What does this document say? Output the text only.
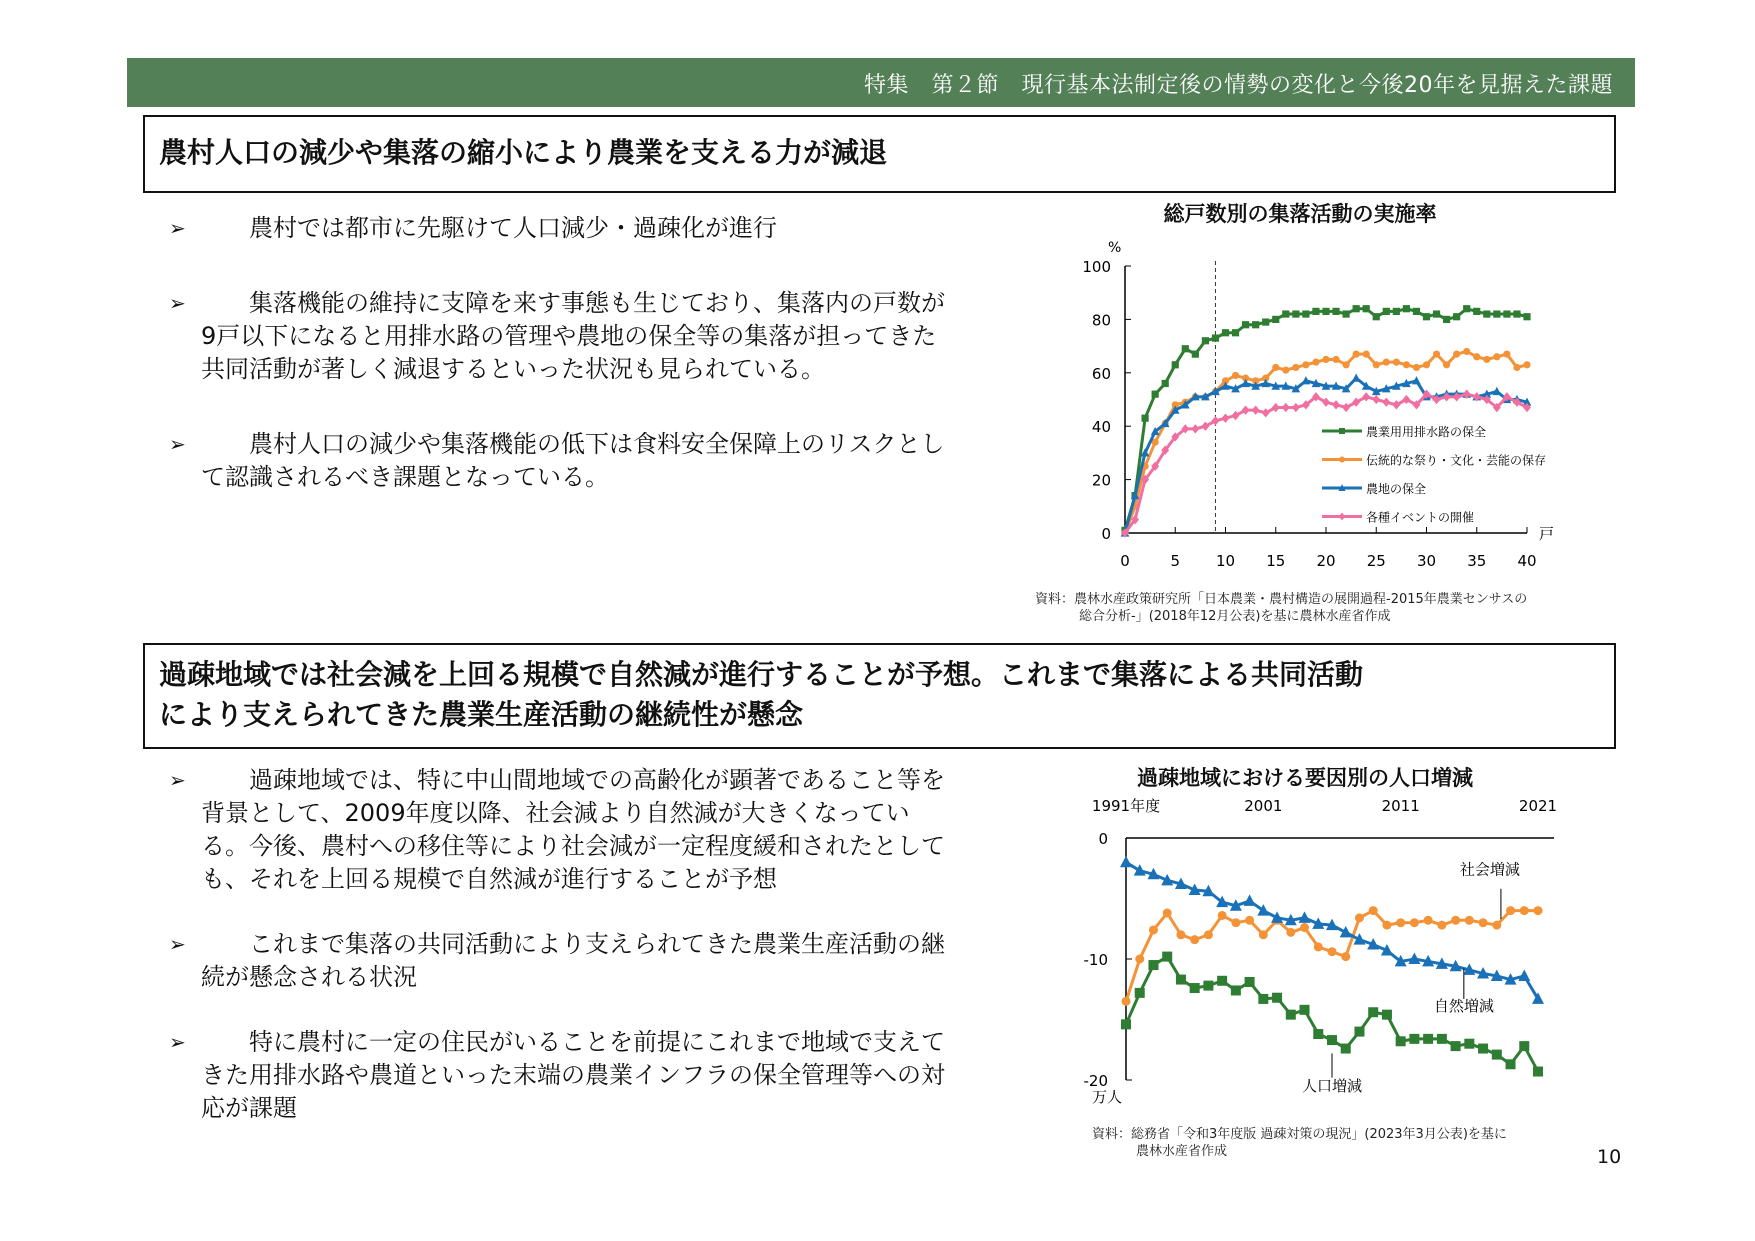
特集　第２節　現行基本法制定後の情勢の変化と今後20年を見据えた課題
農村人口の減少や集落の縮小により農業を支える力が減退
➢	農村では都市に先駆けて人口減少・過疎化が進行
➢	集落機能の維持に支障を来す事態も生じており、集落内の戸数が9戸以下になると用排水路の管理や農地の保全等の集落が担ってきた共同活動が著しく減退するといった状況も見られている。
➢	農村人口の減少や集落機能の低下は食料安全保障上のリスクとして認識されるべき課題となっている。
総戸数別の集落活動の実施率
0
20
40
60
80
100
0	5 10 15 20 25 30 35 40
%
戸
農業用用排水路の保全
伝統的な祭り・文化・芸能の保存
農地の保全
各種イベントの開催
資料：農林水産政策研究所「日本農業・農村構造の展開過程-2015年農業センサスの
総合分析-」(2018年12月公表)を基に農林水産省作成
過疎地域では社会減を上回る規模で自然減が進行することが予想。これまで集落による共同活動
により支えられてきた農業生産活動の継続性が懸念
➢	過疎地域では、特に中山間地域での高齢化が顕著であること等を背景として、2009年度以降、社会減より自然減が大きくなっている。今後、農村への移住等により社会減が一定程度緩和されたとしても、それを上回る規模で自然減が進行することが予想
➢	これまで集落の共同活動により支えられてきた農業生産活動の継続が懸念される状況
➢	特に農村に一定の住民がいることを前提にこれまで地域で支えてきた用排水路や農道といった末端の農業インフラの保全管理等への対応が課題
過疎地域における要因別の人口増減
0
-10
-20
1991年度	2001	2011	2021
万人
社会増減
自然増減
人口増減
資料：総務省「令和3年度版 過疎対策の現況」(2023年3月公表)を基に
農林水産省作成	10
